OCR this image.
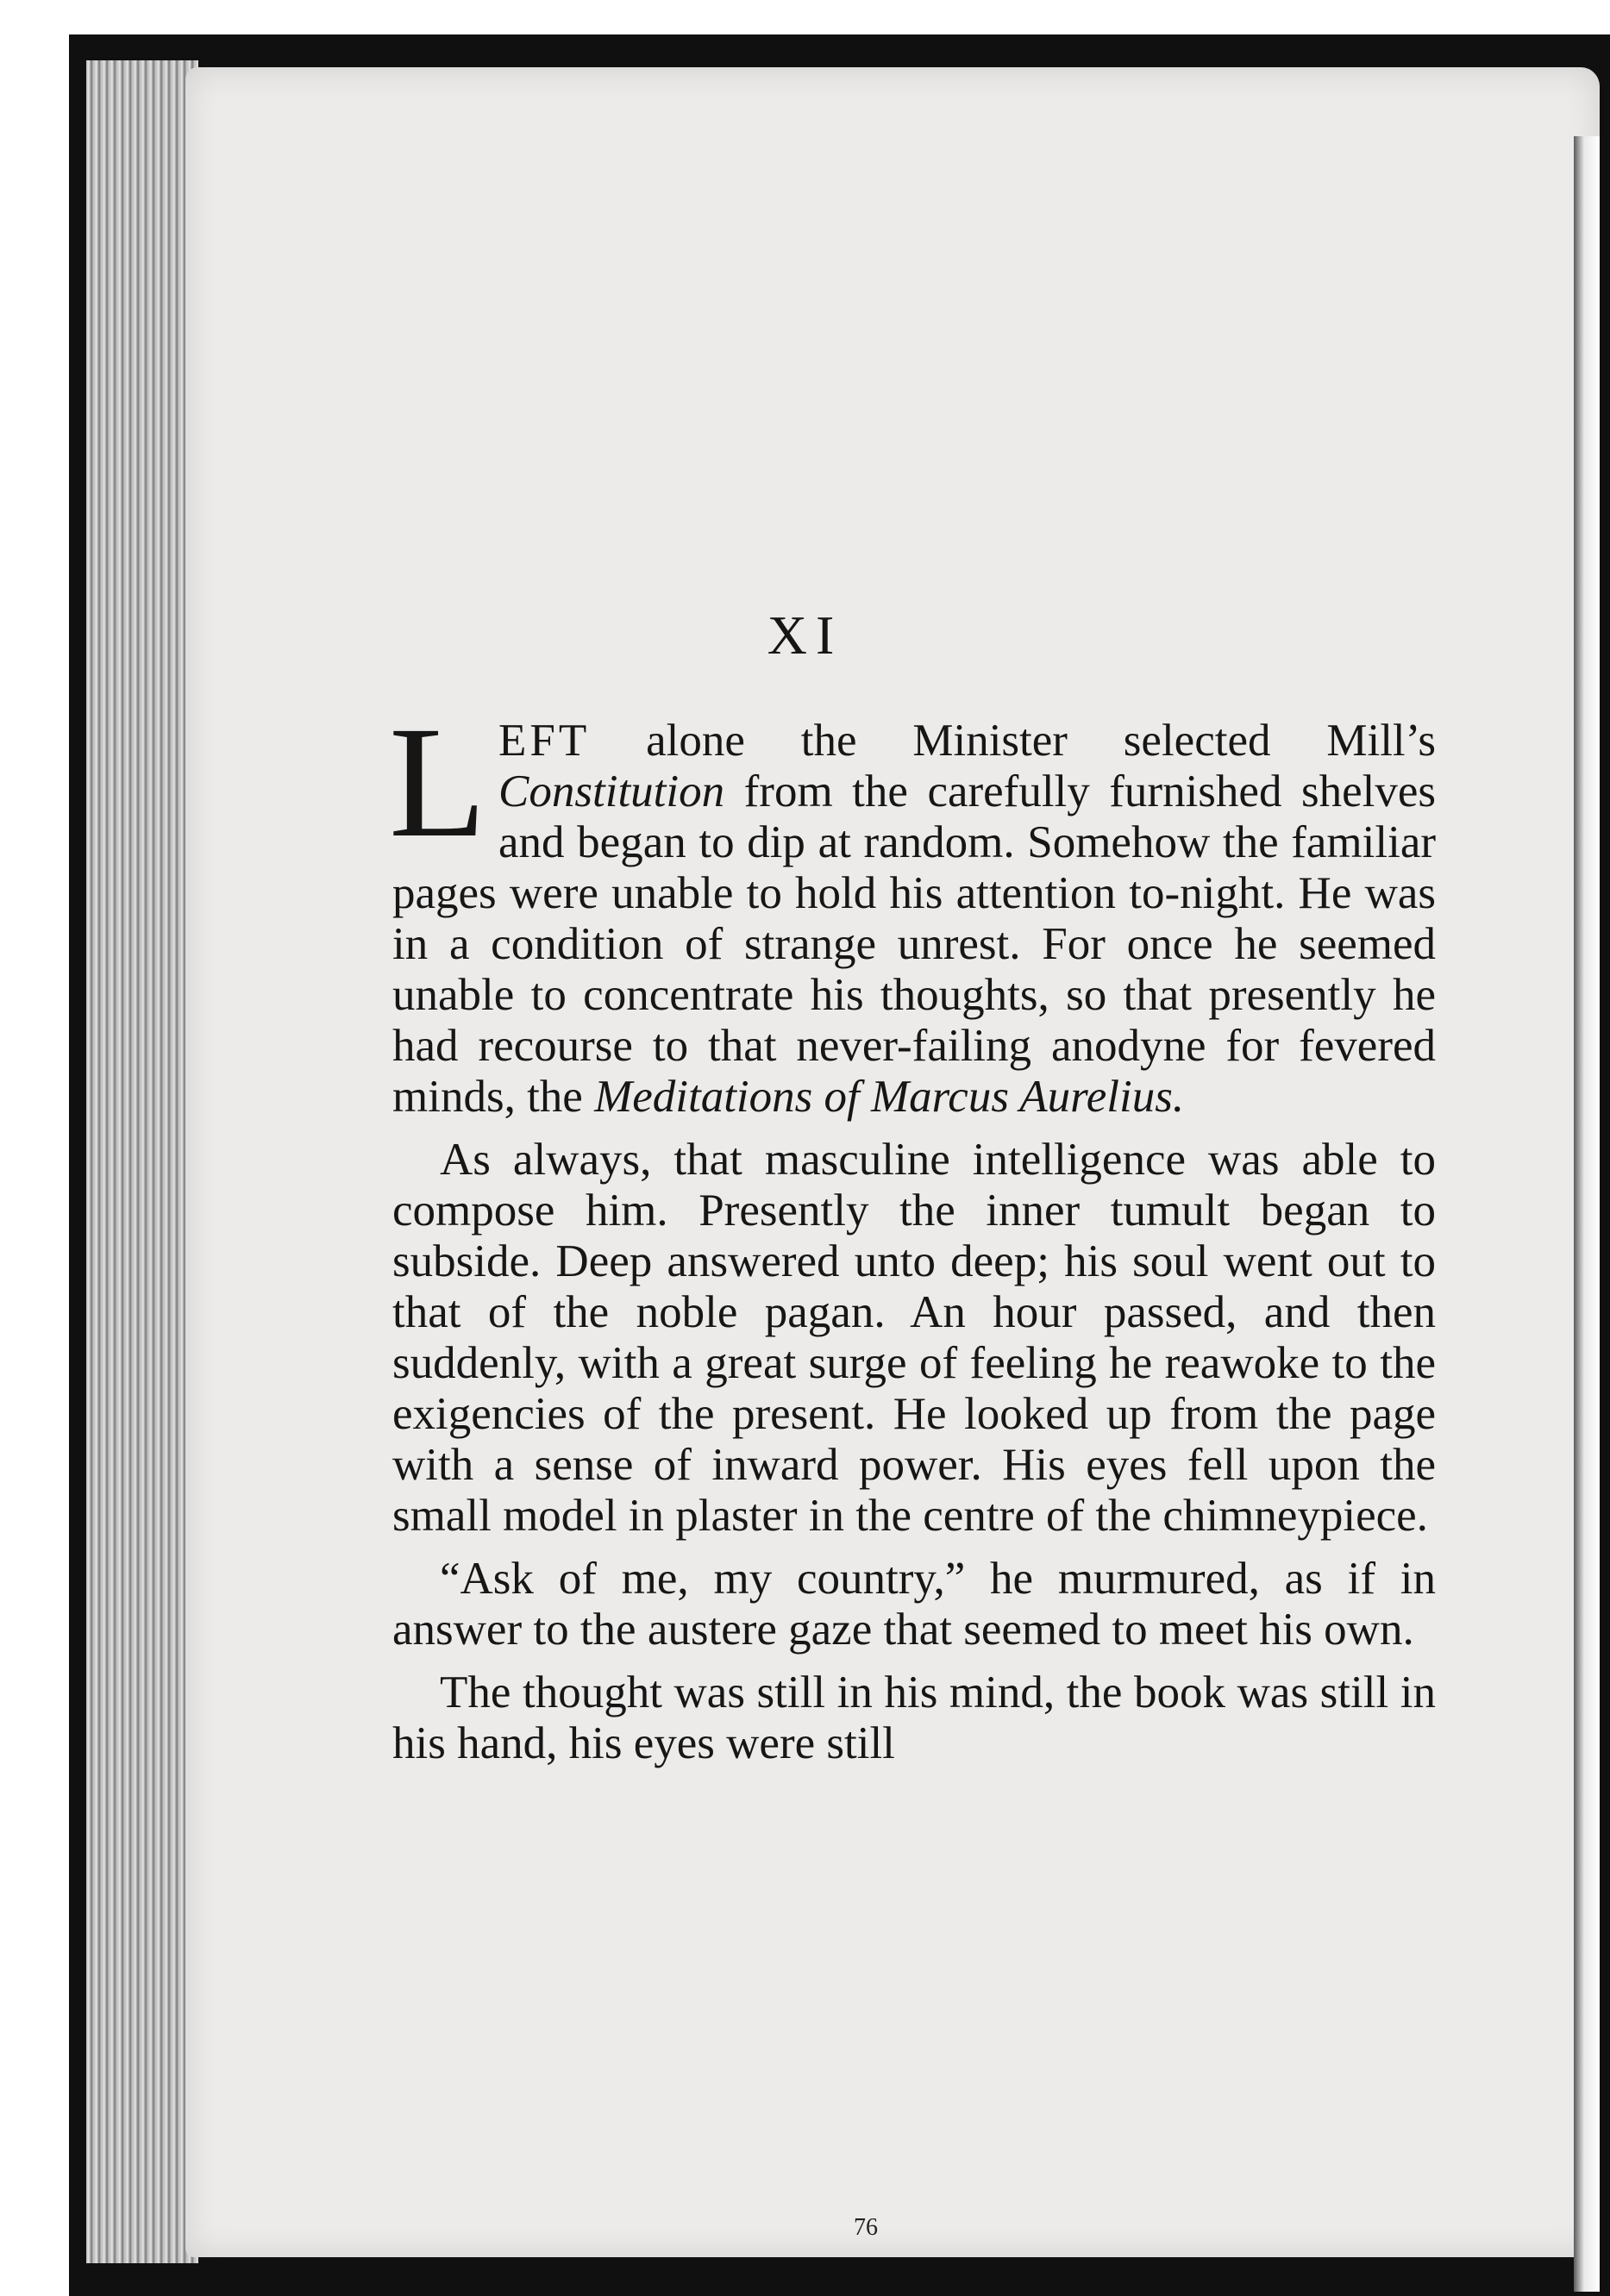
XI

LEFT alone the Minister selected Mill’s Constitution from the carefully furnished shelves and began to dip at random. Somehow the familiar pages were unable to hold his attention to-night. He was in a condition of strange unrest. For once he seemed unable to concentrate his thoughts, so that presently he had recourse to that never-failing anodyne for fevered minds, the Meditations of Marcus Aurelius.

As always, that masculine intelligence was able to compose him. Presently the inner tumult began to subside. Deep answered unto deep; his soul went out to that of the noble pagan. An hour passed, and then suddenly, with a great surge of feeling he reawoke to the exigencies of the present. He looked up from the page with a sense of inward power. His eyes fell upon the small model in plaster in the centre of the chimneypiece.

“Ask of me, my country,” he murmured, as if in answer to the austere gaze that seemed to meet his own.

The thought was still in his mind, the book was still in his hand, his eyes were still

76
